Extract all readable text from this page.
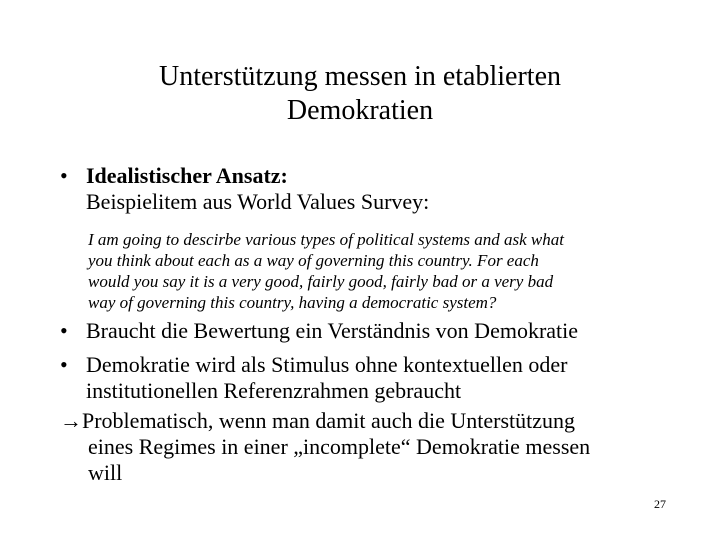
Unterstützung messen in etablierten
Demokratien
• Idealistischer Ansatz:
Beispielitem aus World Values Survey:
I am going to descirbe various types of political systems and ask what
you think about each as a way of governing this country. For each
would you say it is a very good, fairly good, fairly bad or a very bad
way of governing this country, having a democratic system?
• Braucht die Bewertung ein Verständnis von Demokratie
• Demokratie wird als Stimulus ohne kontextuellen oder
institutionellen Referenzrahmen gebraucht
→Problematisch, wenn man damit auch die Unterstützung
eines Regimes in einer „incomplete“ Demokratie messen
will
27
